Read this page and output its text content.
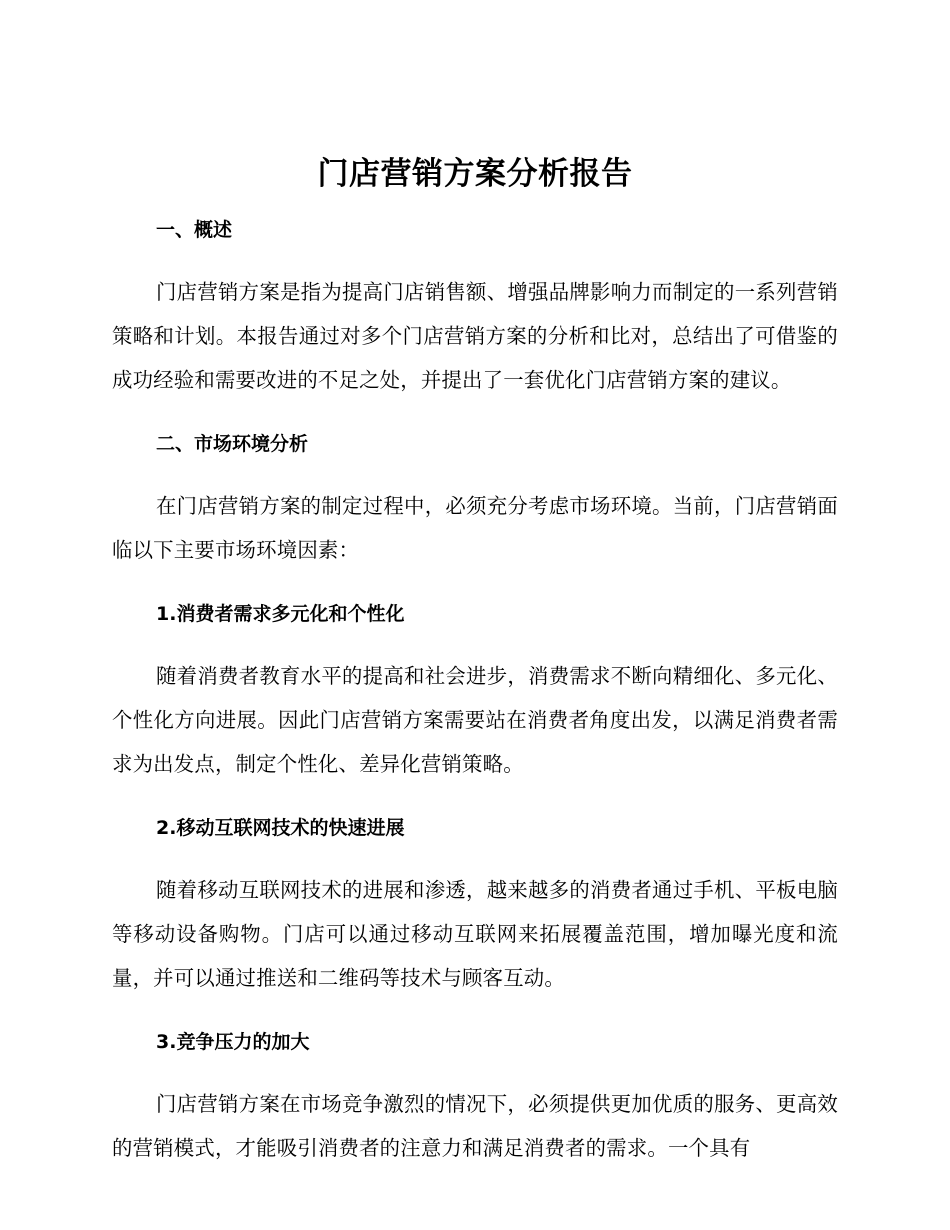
门店营销方案分析报告
一、概述

门店营销方案是指为提高门店销售额、增强品牌影响力而制定的一系列营销策略和计划。本报告通过对多个门店营销方案的分析和比对，总结出了可借鉴的成功经验和需要改进的不足之处，并提出了一套优化门店营销方案的建议。

二、市场环境分析

在门店营销方案的制定过程中，必须充分考虑市场环境。当前，门店营销面临以下主要市场环境因素：

1.消费者需求多元化和个性化

随着消费者教育水平的提高和社会进步，消费需求不断向精细化、多元化、个性化方向进展。因此门店营销方案需要站在消费者角度出发，以满足消费者需求为出发点，制定个性化、差异化营销策略。

2.移动互联网技术的快速进展

随着移动互联网技术的进展和渗透，越来越多的消费者通过手机、平板电脑等移动设备购物。门店可以通过移动互联网来拓展覆盖范围，增加曝光度和流量，并可以通过推送和二维码等技术与顾客互动。

3.竞争压力的加大

门店营销方案在市场竞争激烈的情况下，必须提供更加优质的服务、更高效的营销模式，才能吸引消费者的注意力和满足消费者的需求。一个具有
